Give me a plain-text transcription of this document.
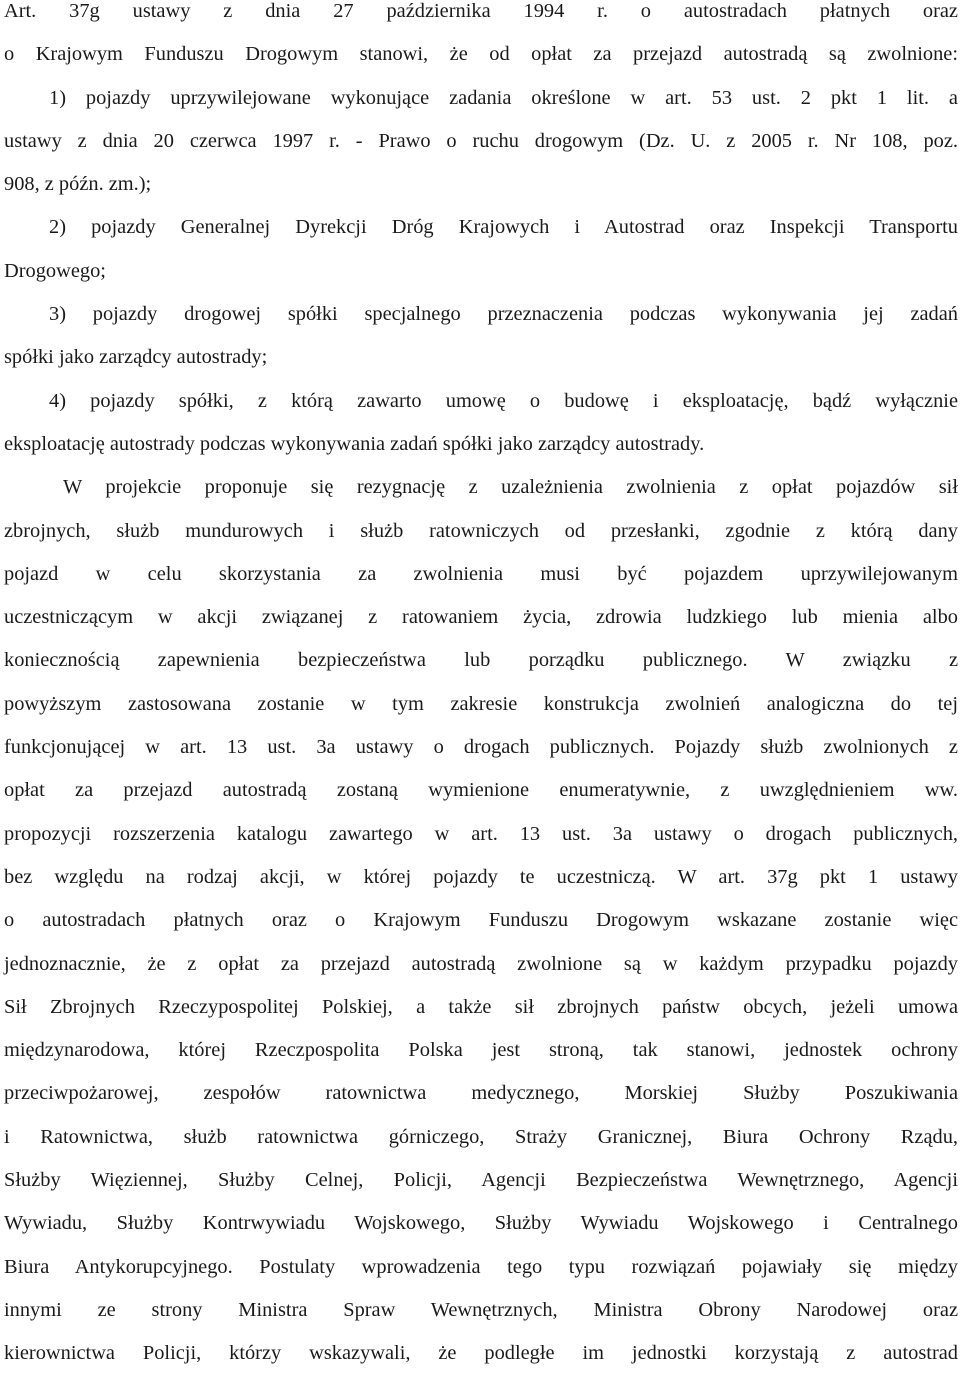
Art. 37g ustawy z dnia 27 października 1994 r. o autostradach płatnych oraz
o Krajowym Funduszu Drogowym stanowi, że od opłat za przejazd autostradą są zwolnione:
1) pojazdy uprzywilejowane wykonujące zadania określone w art. 53 ust. 2 pkt 1 lit. a
ustawy z dnia 20 czerwca 1997 r. - Prawo o ruchu drogowym (Dz. U. z 2005 r. Nr 108, poz.
908, z późn. zm.);
2) pojazdy Generalnej Dyrekcji Dróg Krajowych i Autostrad oraz Inspekcji Transportu
Drogowego;
3) pojazdy drogowej spółki specjalnego przeznaczenia podczas wykonywania jej zadań
spółki jako zarządcy autostrady;
4) pojazdy spółki, z którą zawarto umowę o budowę i eksploatację, bądź wyłącznie
eksploatację autostrady podczas wykonywania zadań spółki jako zarządcy autostrady.
W projekcie proponuje się rezygnację z uzależnienia zwolnienia z opłat pojazdów sił
zbrojnych, służb mundurowych i służb ratowniczych od przesłanki, zgodnie z którą dany
pojazd w celu skorzystania za zwolnienia musi być pojazdem uprzywilejowanym
uczestniczącym w akcji związanej z ratowaniem życia, zdrowia ludzkiego lub mienia albo
koniecznością zapewnienia bezpieczeństwa lub porządku publicznego. W związku z
powyższym zastosowana zostanie w tym zakresie konstrukcja zwolnień analogiczna do tej
funkcjonującej w art. 13 ust. 3a ustawy o drogach publicznych. Pojazdy służb zwolnionych z
opłat za przejazd autostradą zostaną wymienione enumeratywnie, z uwzględnieniem ww.
propozycji rozszerzenia katalogu zawartego w art. 13 ust. 3a ustawy o drogach publicznych,
bez względu na rodzaj akcji, w której pojazdy te uczestniczą. W art. 37g pkt 1 ustawy
o autostradach płatnych oraz o Krajowym Funduszu Drogowym wskazane zostanie więc
jednoznacznie, że z opłat za przejazd autostradą zwolnione są w każdym przypadku pojazdy
Sił Zbrojnych Rzeczypospolitej Polskiej, a także sił zbrojnych państw obcych, jeżeli umowa
międzynarodowa, której Rzeczpospolita Polska jest stroną, tak stanowi, jednostek ochrony
przeciwpożarowej, zespołów ratownictwa medycznego, Morskiej Służby Poszukiwania
i Ratownictwa, służb ratownictwa górniczego, Straży Granicznej, Biura Ochrony Rządu,
Służby Więziennej, Służby Celnej, Policji, Agencji Bezpieczeństwa Wewnętrznego, Agencji
Wywiadu, Służby Kontrwywiadu Wojskowego, Służby Wywiadu Wojskowego i Centralnego
Biura Antykorupcyjnego. Postulaty wprowadzenia tego typu rozwiązań pojawiały się między
innymi ze strony Ministra Spraw Wewnętrznych, Ministra Obrony Narodowej oraz
kierownictwa Policji, którzy wskazywali, że podległe im jednostki korzystają z autostrad
